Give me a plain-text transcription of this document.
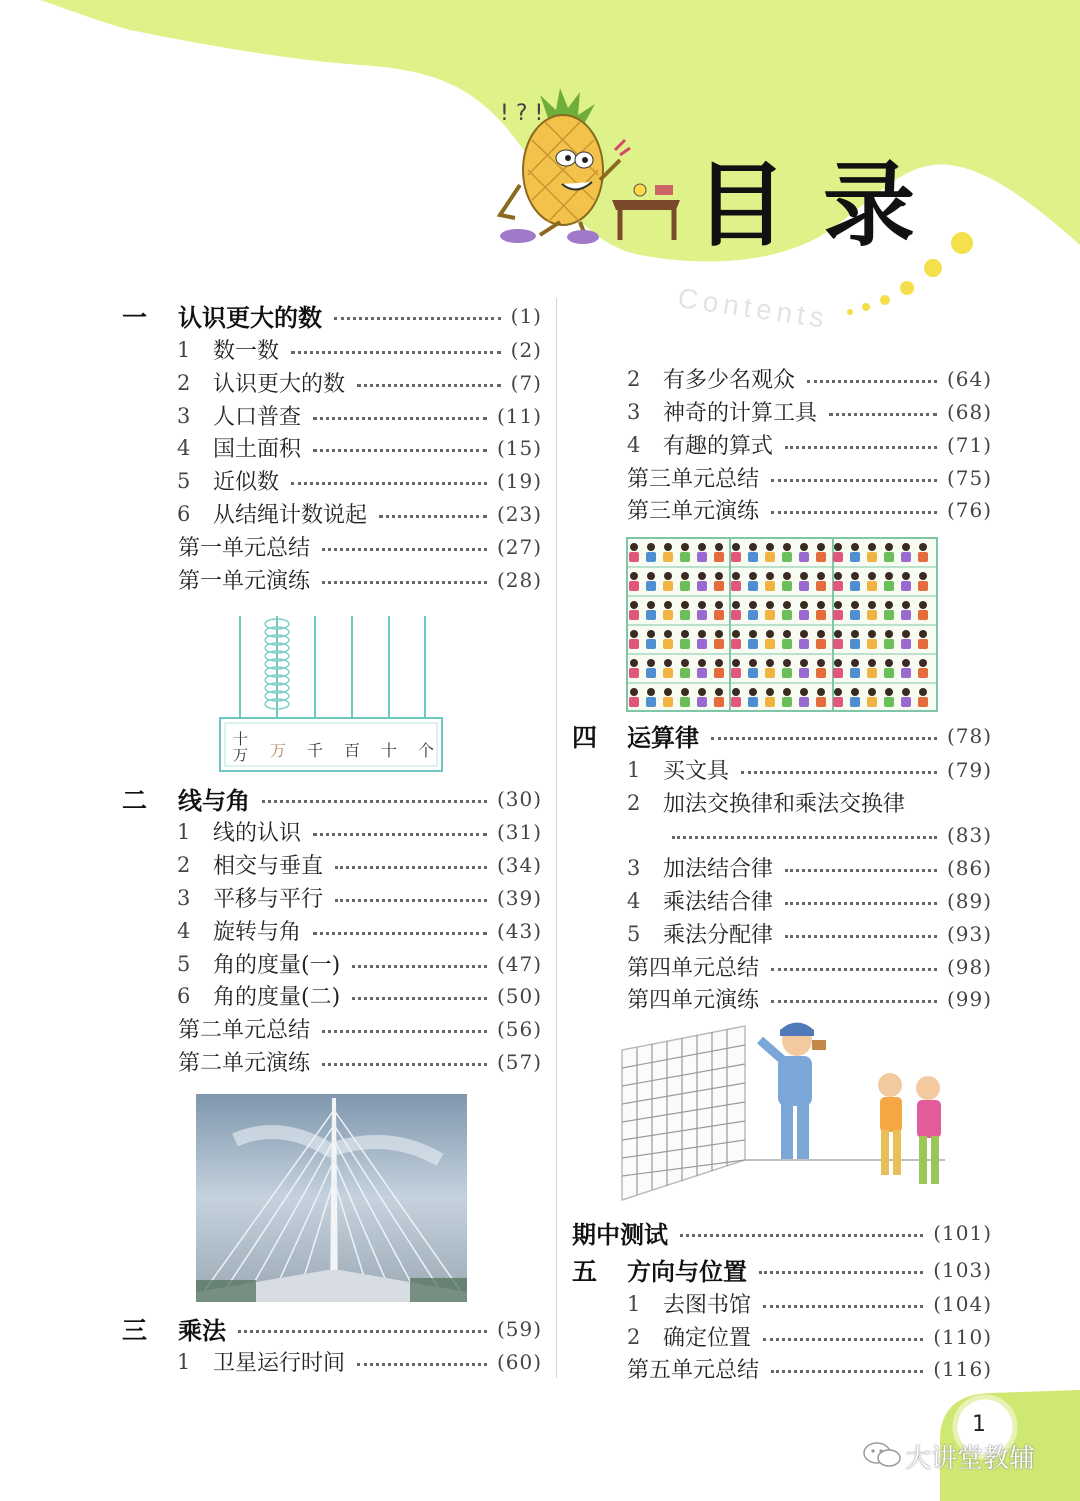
! ? !
目 录
Contents
一	认识更大的数	(1)
1	数一数	(2)
2	认识更大的数	(7)
3	人口普查	(11)
4	国土面积	(15)
5	近似数	(19)
6	从结绳计数说起	(23)
第一单元总结	(27)
第一单元演练	(28)
二	线与角	(30)
1	线的认识	(31)
2	相交与垂直	(34)
3	平移与平行	(39)
4	旋转与角	(43)
5	角的度量(一)	(47)
6	角的度量(二)	(50)
第二单元总结	(56)
第二单元演练	(57)
三	乘法	(59)
1	卫星运行时间	(60)
2	有多少名观众	(64)
3	神奇的计算工具	(68)
4	有趣的算式	(71)
第三单元总结	(75)
第三单元演练	(76)
四	运算律	(78)
1	买文具	(79)
2	加法交换律和乘法交换律
(83)
3	加法结合律	(86)
4	乘法结合律	(89)
5	乘法分配律	(93)
第四单元总结	(98)
第四单元演练	(99)
期中测试	(101)
五	方向与位置	(103)
1	去图书馆	(104)
2	确定位置	(110)
第五单元总结	(116)
十万 万 千 百 十 个
1
大讲堂教辅
